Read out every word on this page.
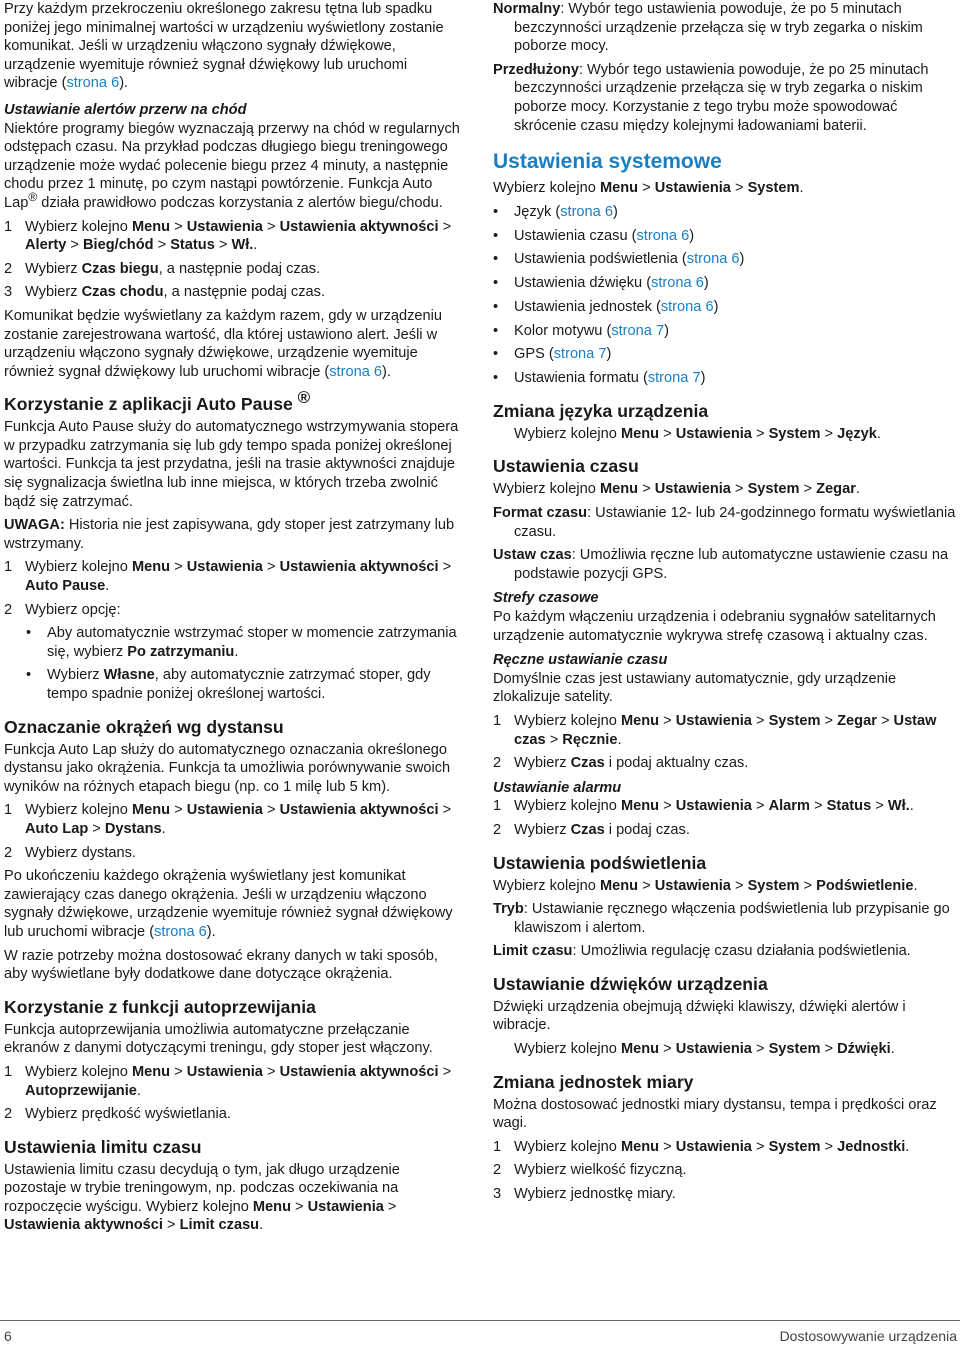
Przy każdym przekroczeniu określonego zakresu tętna lub spadku poniżej jego minimalnej wartości w urządzeniu wyświetlony zostanie komunikat. Jeśli w urządzeniu włączono sygnały dźwiękowe, urządzenie wyemituje również sygnał dźwiękowy lub uruchomi wibracje (strona 6).

Ustawianie alertów przerw na chód

Niektóre programy biegów wyznaczają przerwy na chód w regularnych odstępach czasu. Na przykład podczas długiego biegu treningowego urządzenie może wydać polecenie biegu przez 4 minuty, a następnie chodu przez 1 minutę, po czym nastąpi powtórzenie. Funkcja Auto Lap® działa prawidłowo podczas korzystania z alertów biegu/chodu.

1 Wybierz kolejno Menu > Ustawienia > Ustawienia aktywności > Alerty > Bieg/chód > Status > Wł..
2 Wybierz Czas biegu, a następnie podaj czas.
3 Wybierz Czas chodu, a następnie podaj czas.

Komunikat będzie wyświetlany za każdym razem, gdy w urządzeniu zostanie zarejestrowana wartość, dla której ustawiono alert. Jeśli w urządzeniu włączono sygnały dźwiękowe, urządzenie wyemituje również sygnał dźwiękowy lub uruchomi wibracje (strona 6).

Korzystanie z aplikacji Auto Pause ®

Funkcja Auto Pause służy do automatycznego wstrzymywania stopera w przypadku zatrzymania się lub gdy tempo spada poniżej określonej wartości. Funkcja ta jest przydatna, jeśli na trasie aktywności znajduje się sygnalizacja świetlna lub inne miejsca, w których trzeba zwolnić bądź się zatrzymać.

UWAGA: Historia nie jest zapisywana, gdy stoper jest zatrzymany lub wstrzymany.

1 Wybierz kolejno Menu > Ustawienia > Ustawienia aktywności > Auto Pause.
2 Wybierz opcję:
• Aby automatycznie wstrzymać stoper w momencie zatrzymania się, wybierz Po zatrzymaniu.
• Wybierz Własne, aby automatycznie zatrzymać stoper, gdy tempo spadnie poniżej określonej wartości.

Oznaczanie okrążeń wg dystansu

Funkcja Auto Lap służy do automatycznego oznaczania określonego dystansu jako okrążenia. Funkcja ta umożliwia porównywanie swoich wyników na różnych etapach biegu (np. co 1 milę lub 5 km).

1 Wybierz kolejno Menu > Ustawienia > Ustawienia aktywności > Auto Lap > Dystans.
2 Wybierz dystans.

Po ukończeniu każdego okrążenia wyświetlany jest komunikat zawierający czas danego okrążenia. Jeśli w urządzeniu włączono sygnały dźwiękowe, urządzenie wyemituje również sygnał dźwiękowy lub uruchomi wibracje (strona 6).

W razie potrzeby można dostosować ekrany danych w taki sposób, aby wyświetlane były dodatkowe dane dotyczące okrążenia.

Korzystanie z funkcji autoprzewijania

Funkcja autoprzewijania umożliwia automatyczne przełączanie ekranów z danymi dotyczącymi treningu, gdy stoper jest włączony.

1 Wybierz kolejno Menu > Ustawienia > Ustawienia aktywności > Autoprzewijanie.
2 Wybierz prędkość wyświetlania.

Ustawienia limitu czasu

Ustawienia limitu czasu decydują o tym, jak długo urządzenie pozostaje w trybie treningowym, np. podczas oczekiwania na rozpoczęcie wyścigu. Wybierz kolejno Menu > Ustawienia > Ustawienia aktywności > Limit czasu.

Normalny: Wybór tego ustawienia powoduje, że po 5 minutach bezczynności urządzenie przełącza się w tryb zegarka o niskim poborze mocy.

Przedłużony: Wybór tego ustawienia powoduje, że po 25 minutach bezczynności urządzenie przełącza się w tryb zegarka o niskim poborze mocy. Korzystanie z tego trybu może spowodować skrócenie czasu między kolejnymi ładowaniami baterii.

Ustawienia systemowe

Wybierz kolejno Menu > Ustawienia > System.

• Język (strona 6)
• Ustawienia czasu (strona 6)
• Ustawienia podświetlenia (strona 6)
• Ustawienia dźwięku (strona 6)
• Ustawienia jednostek (strona 6)
• Kolor motywu (strona 7)
• GPS (strona 7)
• Ustawienia formatu (strona 7)

Zmiana języka urządzenia

Wybierz kolejno Menu > Ustawienia > System > Język.

Ustawienia czasu

Wybierz kolejno Menu > Ustawienia > System > Zegar.

Format czasu: Ustawianie 12- lub 24-godzinnego formatu wyświetlania czasu.

Ustaw czas: Umożliwia ręczne lub automatyczne ustawienie czasu na podstawie pozycji GPS.

Strefy czasowe

Po każdym włączeniu urządzenia i odebraniu sygnałów satelitarnych urządzenie automatycznie wykrywa strefę czasową i aktualny czas.

Ręczne ustawianie czasu

Domyślnie czas jest ustawiany automatycznie, gdy urządzenie zlokalizuje satelity.

1 Wybierz kolejno Menu > Ustawienia > System > Zegar > Ustaw czas > Ręcznie.
2 Wybierz Czas i podaj aktualny czas.

Ustawianie alarmu

1 Wybierz kolejno Menu > Ustawienia > Alarm > Status > Wł..
2 Wybierz Czas i podaj czas.

Ustawienia podświetlenia

Wybierz kolejno Menu > Ustawienia > System > Podświetlenie.

Tryb: Ustawianie ręcznego włączenia podświetlenia lub przypisanie go klawiszom i alertom.

Limit czasu: Umożliwia regulację czasu działania podświetlenia.

Ustawianie dźwięków urządzenia

Dźwięki urządzenia obejmują dźwięki klawiszy, dźwięki alertów i wibracje.

Wybierz kolejno Menu > Ustawienia > System > Dźwięki.

Zmiana jednostek miary

Można dostosować jednostki miary dystansu, tempa i prędkości oraz wagi.

1 Wybierz kolejno Menu > Ustawienia > System > Jednostki.
2 Wybierz wielkość fizyczną.
3 Wybierz jednostkę miary.
6	Dostosowywanie urządzenia
